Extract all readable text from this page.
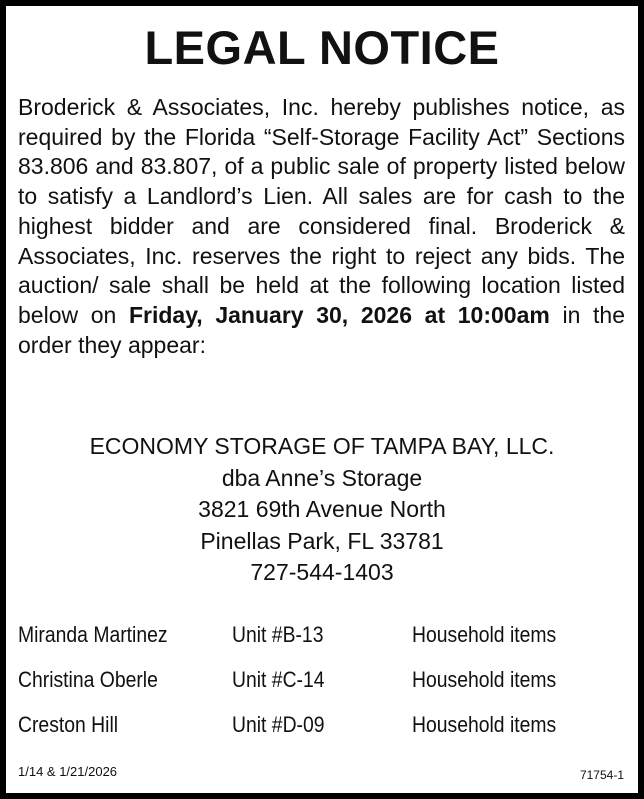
LEGAL NOTICE
Broderick & Associates, Inc. hereby publishes notice, as required by the Florida “Self-Storage Facility Act” Sections 83.806 and 83.807, of a public sale of property listed below to satisfy a Landlord’s Lien. All sales are for cash to the highest bidder and are considered final. Broderick & Associates, Inc. reserves the right to reject any bids. The auction/ sale shall be held at the following location listed below on Friday, January 30, 2026 at 10:00am in the order they appear:
ECONOMY STORAGE OF TAMPA BAY, LLC.
dba Anne’s Storage
3821 69th Avenue North
Pinellas Park, FL 33781
727-544-1403
Miranda Martinez	Unit #B-13	Household items
Christina Oberle	Unit #C-14	Household items
Creston Hill	Unit #D-09	Household items
1/14 & 1/21/2026	71754-1
